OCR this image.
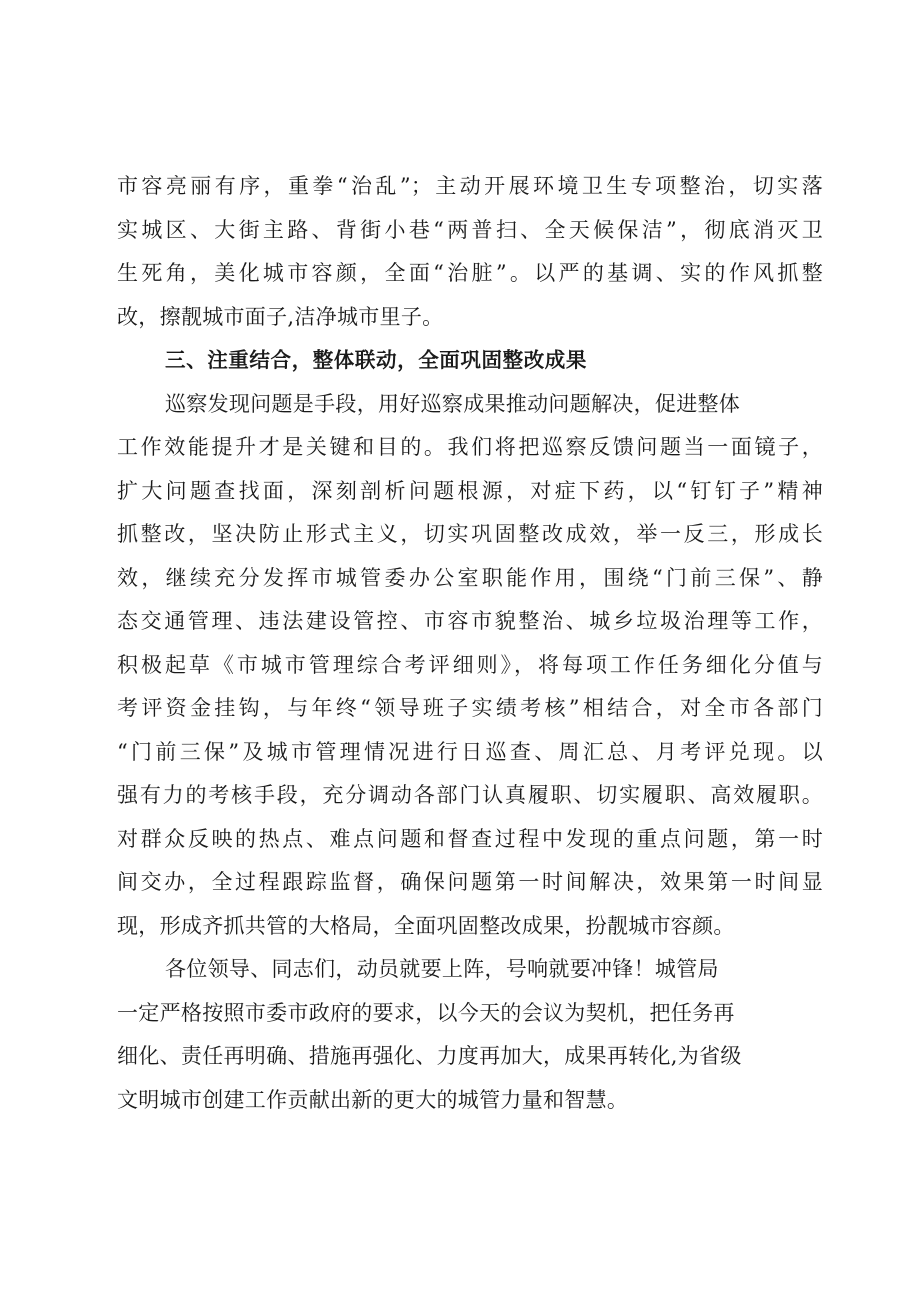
市容亮丽有序，重拳“治乱”；主动开展环境卫生专项整治，切实落
实城区、大街主路、背街小巷“两普扫、全天候保洁”，彻底消灭卫
生死角，美化城市容颜，全面“治脏”。以严的基调、实的作风抓整
改，擦靓城市面子,洁净城市里子。
三、注重结合，整体联动，全面巩固整改成果
巡察发现问题是手段，用好巡察成果推动问题解决，促进整体
工作效能提升才是关键和目的。我们将把巡察反馈问题当一面镜子，
扩大问题查找面，深刻剖析问题根源，对症下药，以“钉钉子”精神
抓整改，坚决防止形式主义，切实巩固整改成效，举一反三，形成长
效，继续充分发挥市城管委办公室职能作用，围绕“门前三保”、静
态交通管理、违法建设管控、市容市貌整治、城乡垃圾治理等工作，
积极起草《市城市管理综合考评细则》，将每项工作任务细化分值与
考评资金挂钩，与年终“领导班子实绩考核”相结合，对全市各部门
“门前三保”及城市管理情况进行日巡查、周汇总、月考评兑现。以
强有力的考核手段，充分调动各部门认真履职、切实履职、高效履职。
对群众反映的热点、难点问题和督查过程中发现的重点问题，第一时
间交办，全过程跟踪监督，确保问题第一时间解决，效果第一时间显
现，形成齐抓共管的大格局，全面巩固整改成果，扮靓城市容颜。
各位领导、同志们，动员就要上阵，号响就要冲锋！城管局
一定严格按照市委市政府的要求，以今天的会议为契机，把任务再
细化、责任再明确、措施再强化、力度再加大，成果再转化,为省级
文明城市创建工作贡献出新的更大的城管力量和智慧。
